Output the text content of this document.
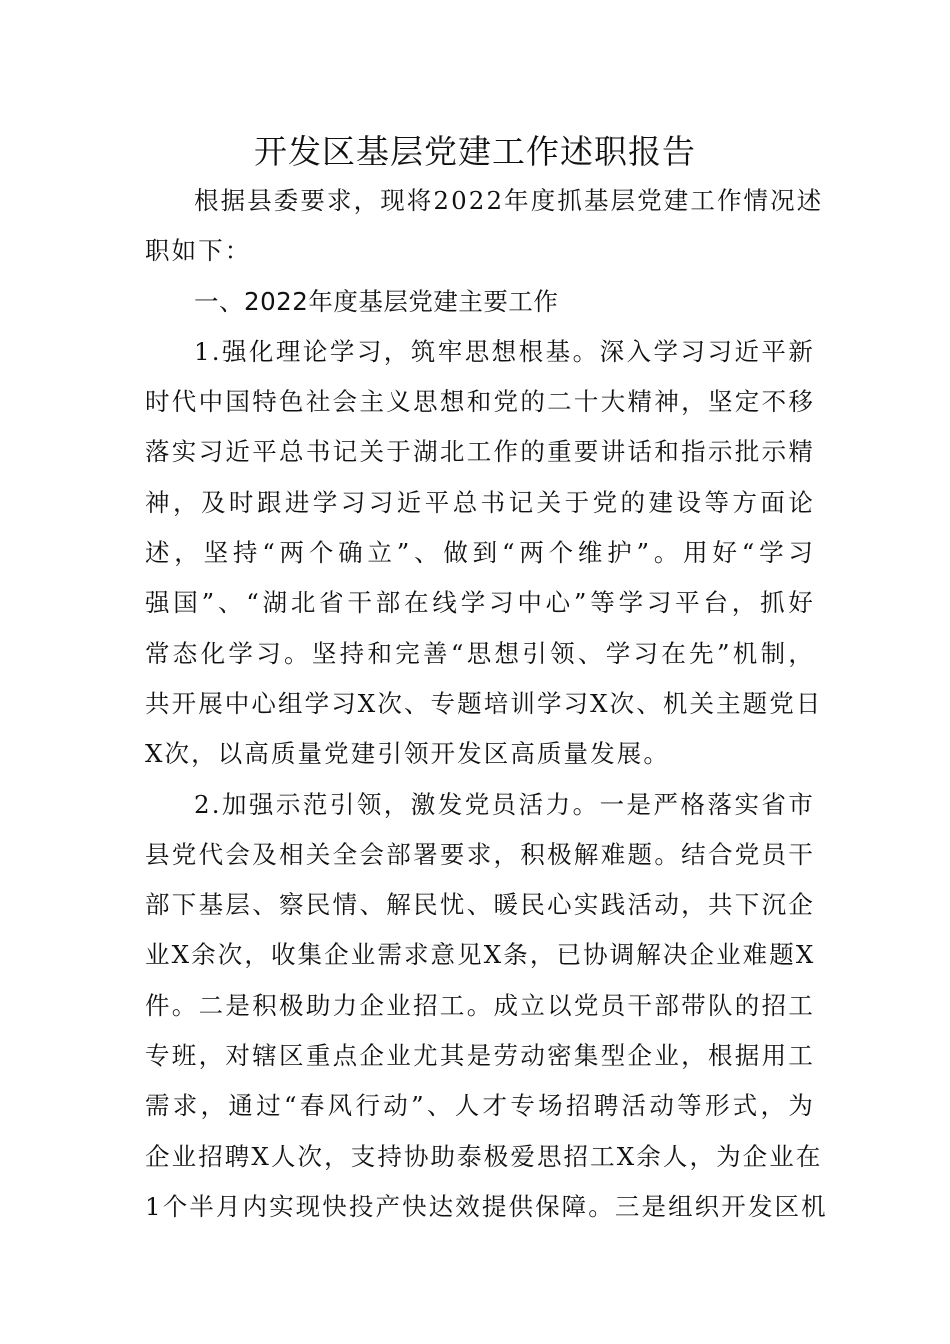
开发区基层党建工作述职报告
根据县委要求，现将2022年度抓基层党建工作情况述
职如下：
一、2022年度基层党建主要工作
1.强化理论学习，筑牢思想根基。深入学习习近平新
时代中国特色社会主义思想和党的二十大精神，坚定不移
落实习近平总书记关于湖北工作的重要讲话和指示批示精
神，及时跟进学习习近平总书记关于党的建设等方面论
述，坚持“两个确立”、做到“两个维护”。用好“学习
强国”、“湖北省干部在线学习中心”等学习平台，抓好
常态化学习。坚持和完善“思想引领、学习在先”机制，
共开展中心组学习X次、专题培训学习X次、机关主题党日
X次，以高质量党建引领开发区高质量发展。
2.加强示范引领，激发党员活力。一是严格落实省市
县党代会及相关全会部署要求，积极解难题。结合党员干
部下基层、察民情、解民忧、暖民心实践活动，共下沉企
业X余次，收集企业需求意见X条，已协调解决企业难题X
件。二是积极助力企业招工。成立以党员干部带队的招工
专班，对辖区重点企业尤其是劳动密集型企业，根据用工
需求，通过“春风行动”、人才专场招聘活动等形式，为
企业招聘X人次，支持协助泰极爱思招工X余人，为企业在
1个半月内实现快投产快达效提供保障。三是组织开发区机
